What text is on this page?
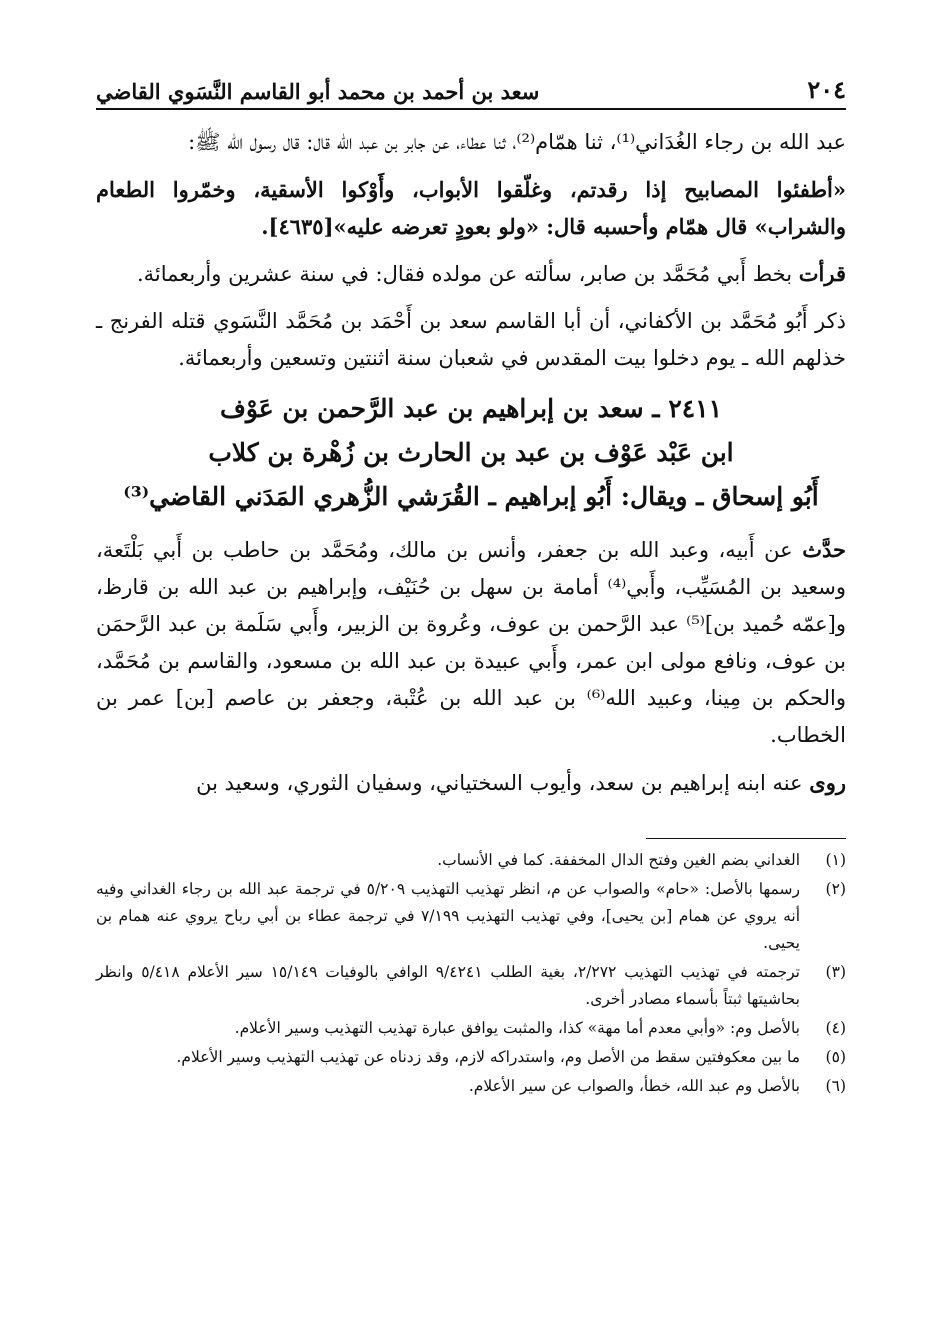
٢٠٤
سعد بن أحمد بن محمد أبو القاسم النَّسَوي القاضي

عبد الله بن رجاء الغُدَاني⁽¹⁾، ثنا همّام⁽²⁾، ثنا عطاء، عن جابر بن عبد الله قال: قال رسول الله ﷺ:

«أطفئوا المصابيح إذا رقدتم، وغلّقوا الأبواب، وأَوْكوا الأسقية، وخمّروا الطعام والشراب» قال همّام وأحسبه قال: «ولو بعودٍ تعرضه عليه»[٤٦٣٥].

قرأت بخط أَبي مُحَمَّد بن صابر، سألته عن مولده فقال: في سنة عشرين وأربعمائة.

ذكر أَبُو مُحَمَّد بن الأكفاني، أن أبا القاسم سعد بن أَحْمَد بن مُحَمَّد النَّسَوي قتله الفرنج ـ خذلهم الله ـ يوم دخلوا بيت المقدس في شعبان سنة اثنتين وتسعين وأربعمائة.

٢٤١١ ـ سعد بن إبراهيم بن عبد الرَّحمن بن عَوْف
ابن عَبْد عَوْف بن عبد بن الحارث بن زُهْرة بن كلاب
أَبُو إسحاق ـ ويقال: أَبُو إبراهيم ـ القُرَشي الزُّهري المَدَني القاضي⁽³⁾

حدَّث عن أَبيه، وعبد الله بن جعفر، وأنس بن مالك، ومُحَمَّد بن حاطب بن أَبي بَلْتَعة، وسعيد بن المُسَيِّب، وأَبي⁽⁴⁾ أمامة بن سهل بن حُنَيْف، وإبراهيم بن عبد الله بن قارظ، و[عمّه حُميد بن]⁽⁵⁾ عبد الرَّحمن بن عوف، وعُروة بن الزبير، وأَبي سَلَمة بن عبد الرَّحمَن بن عوف، ونافع مولى ابن عمر، وأَبي عبيدة بن عبد الله بن مسعود، والقاسم بن مُحَمَّد، والحكم بن مِينا، وعبيد الله⁽⁶⁾ بن عبد الله بن عُتْبة، وجعفر بن عاصم [بن] عمر بن الخطاب.

روى عنه ابنه إبراهيم بن سعد، وأيوب السختياني، وسفيان الثوري، وسعيد بن

(١)
الغداني بضم الغين وفتح الدال المخففة. كما في الأنساب.
(٢)
رسمها بالأصل: «حام» والصواب عن م، انظر تهذيب التهذيب ٥/٢٠٩ في ترجمة عبد الله بن رجاء الغداني وفيه أنه يروي عن همام [بن يحيى]، وفي تهذيب التهذيب ٧/١٩٩ في ترجمة عطاء بن أبي رباح يروي عنه همام بن يحيى.
(٣)
ترجمته في تهذيب التهذيب ٢/٢٧٢، بغية الطلب ٩/٤٢٤١ الوافي بالوفيات ١٥/١٤٩ سير الأعلام ٥/٤١٨ وانظر بحاشيتها ثبتاً بأسماء مصادر أخرى.
(٤)
بالأصل وم: «وأبي معدم أما مهة» كذا، والمثبت يوافق عبارة تهذيب التهذيب وسير الأعلام.
(٥)
ما بين معكوفتين سقط من الأصل وم، واستدراكه لازم، وقد زدناه عن تهذيب التهذيب وسير الأعلام.
(٦)
بالأصل وم عبد الله، خطأ، والصواب عن سير الأعلام.
